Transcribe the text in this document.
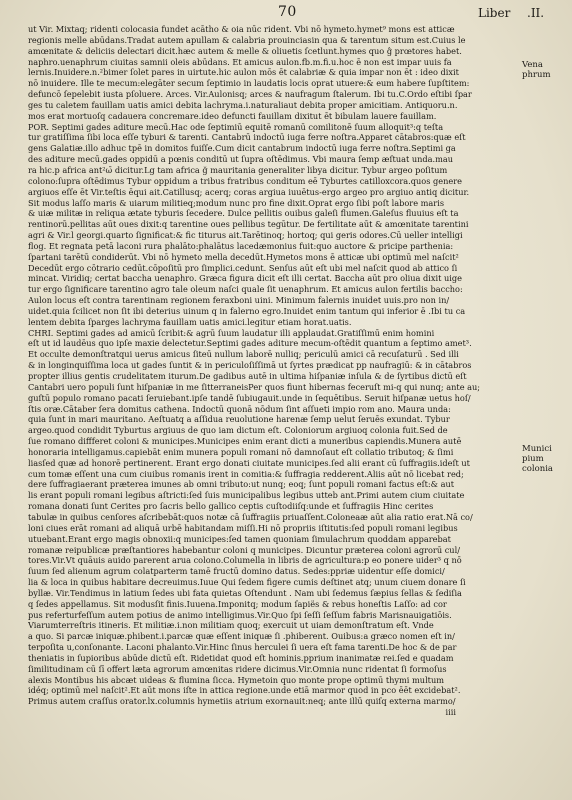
70	Liber .II.
ut Vir. Mixtaq; ridenti colocasia fundet acātho & oia nūc rident. Vbi nō hymeto.hymet⁹ mons est atticæ
regionis melle abūdans.Tradat autem apullam & calabria prouinciasin qua & tarentum situm est.Cuius le
amœnitate & deliciis delectari dicit.hæc autem & melle & oliuetis ſcetlunt.hymes quo ĝ prœtores habet.
naphro.uenaphrum ciuitas samnii oleis abūdans. Et amicus aulon.fb.m.fi.u.hoc ē non est impar uuis fa
lernis.Inuidere.n.²bimer ſolet pares in uirtute.hic aulon mōs ēt calabriæ & quia impar non ēt : ideo dixit
nō inuidere. Ille te mecum:elegāter secum ſeptimio in laudatis locis oprat utuere:& eum habere ſupſtitem:
defuncō ſepelebit iusta pſoluere. Arces. Vir.Aulonisq; arces & naufragum ſtalerum. Ibi tu.C.Ordo eſtibi ſpar
ges tu caletem fauillam uatis amici debita lachryma.i.naturaliaut debita proper amicitiam. Antiquoru.n.
mos erat mortuoſq cadauera concremare.ideo defuncti fauillam dixitut ēt bibulam lauere fauillam.
POR. Septimi gades aditure mecū.Hac ode ſeptimiū equitē romanū comilitonē ſuum alloquit³:q teſta
tur gratiſſima ſibi loca eſſe tyburi & tarenti. Cantabrū indoctū iuga ferre noſtra.Apparet cātabros:quæ eſt
gens Galatiæ.illo adhuc tpē in domitos fuiſſe.Cum dicit cantabrum indoctū iuga ferre noſtra.Septimi ga
des aditure mecū.gades oppidū a pœnis conditū ut ſupra oſtēdimus. Vbi maura ſemp æſtuat unda.mau
ra hic.p africa ant²ω̄ dicitur.Lg tam africa ğ mauritania generaliter libya dicitur. Tybur argeo poſitum
colono:ſupra oſtēdimus Tybur oppidum a tribus fratribus conditum eē Tyburtes catilloxcora.quos genere
argiuos eſſe ēt Vir.teſtis ēqui ait.Catillusq; acerq; coras argiua iuuētus-ergo argeo pro argiuo antiq dicitur.
Sit modus laſſo maris & uiarum militieq;modum nunc pro fine dixit.Oprat ergo ſibi poſt labore maris
& uiæ militæ in reliqua ætate tyburis ſecedere. Dulce pellitis ouibus galeſi flumen.Galeſus fluuius eſt ta
rentinorū.pellitas aūt oues dixit:q tarentine oues pellibus tegūtur. De fertilitate aūt & amœnitate tarentini
agri & Vir.l georgi.quarto ſignificat:& fic titurus ait.Tarētinoq; hortoq; qui geris odores.Cū ueller intelligi
flog. Et regnata petā laconi rura phalāto:phalātus lacedæmonius fuit:quo auctore & pricipe parthenia:
ſpartani tarētū condiderūt. Vbi nō hymeto mella decedūt.Hymetos mons ē atticæ ubi optimū mel naſcit²
Decedūt ergo cōtrario cedūt.cōpoſitū pro ſimplici.cedunt. Senſus aūt eſt ubi mel naſcit quod ab attico ſi
mincat. Viridiq; certat baccha uenaphro. Græca figura dicit eſt illi certat. Baccha aūt pro oliua dixit uige
tur ergo ſignificare tarentino agro tale oleum naſci quale ſit uenaphrum. Et amicus aulon fertilis baccho:
Aulon locus eſt contra tarentinam regionem feraxboni uini. Minimum falernis inuidet uuis.pro non in/
uidet.quia ſcilicet non ſit ibi deterius uinum q in falerno egro.Inuidet enim tantum qui inferior ē .Ibi tu ca
lentem debita ſparges lachryma fauillam uatis amici.legitur etiam horat.uatis.
CHRI. Septimi gades ad amicū ſcribit:& agrū ſuum laudatur illi applaudat.Gratiſſimū enim homini
eſt ut id laudēus quo ipſe maxie delectetur.Septimi gades aditure mecum-oſtēdit quantum a ſeptimo amet³.
Et occulte demonſtratqui uerus amicus ſiteū nullum laborē nulliq; periculū amici cā recuſaturū . Sed illi
& in longinquiſſima loca ut gades ſuntit & in periculoſiſſimā ut ſyrtes prædicat pp naufragiū: & in cātabros
propter illius gentis crudelitatem iturum.De gadibus autē in ultima hiſpaniæ inſula & de ſyrtibus dictū eſt
Cantabri uero populi ſunt hiſpaniæ in me ſitterraneisPer quos fiunt hibernas feceruſt mi-q qui nunq; ante au;
guſtū populo romano pacati ſeruiebant.ipſe tandē ſubiugauit.unde in ſequētibus. Seruit hiſpanæ uetus hoſ/
ſtis oræ.Cātaber ſera domitus cathena. Indoctū quonā nōdum ſint aſſueti impio rom ano. Maura unda:
quia ſunt in mari mauritano. Aeſtuatq a aſſidua reuolutione harenæ ſemp uelut ſeruēs exundat. Tybur
argeo.quod condidit Tyburtus argiuus de quo iam dictum eſt. Coloniorum argiuoq colonia fuit.Sed de
ſue romano diffferet coloni & municipes.Municipes enim erant dicti a muneribus capiendis.Munera autē
honoraria intelligamus.capiebāt enim munera populi romani nō damnoſaut eſt collatio tributoq; & ſimi
liasſed quæ ad honorē pertinerent. Erant ergo donati ciuitate municipes.ſed alii erant cū ſuffragiis.ideſt ut
cum tomæ eſſent una cum ciuibus romanis irent in comitia:& ſuffragia redderent.Aliis aūt nō licebat red;
dere ſuffragiaerant præterea imunes ab omni tributo:ut nunq; eoq; ſunt populi romani factus eſt:& aut
lis erant populi romani legibus aſtricti:ſed ſuis municipalibus legibus utteb ant.Primi autem cium ciuitate
romana donati ſunt Cerites pro ſacris bello gallico ceptis cuſtodiiſq:unde et ſuffragiis Hinc cerites
tabulæ in quibus cenſores aſcribebāt:quos notæ cā ſuffragiis priuaſſent.Coloneaæ aūt alia ratio erat.Nā co/
loni ciues erāt romani ad aliquā urbē habitandam miſſi.Hi nō propriis iſtitutis:ſed populi romani legibus
utuebant.Erant ergo magis obnoxii:q municipes:ſed tamen quoniam ſimulachrum quoddam apparebat
romanæ reipublicæ præſtantiores habebantur coloni q municipes. Dicuntur præterea coloni agrorū cul/
tores.Vir.Vt quāuis auido parerent arua colono.Columella in libris de agricultura:p eo ponere uider³ q nō
ſuum ſed alienum agrum colatparterm tamē fructū domino datus. Sedes:ppriæ uidentur eſſe domici/
lia & loca in quibus habitare decreuimus.Iuue Qui ſedem figere cumis deſtinet atq; unum ciuem donare ſi
byllæ. Vir.Tendimus in latium ſedes ubi fata quietas Oſtendunt . Nam ubi ſedemus ſæpius ſellas & ſediſia
q ſedes appellamus. Sit modusſit finis.Iuuena.Imponitq; modum ſapiës & rebus honeſtis Laſſo: ad cor
pus referturfeſſum autem potius de animo intelligimus.Vir.Quo ſpi ſeſſi ſeſſum fabris Marisnauigatiōis.
Viarumterreſtris itineris. Et militiæ.i.non militiam quoq; exercuit ut uiam demonſtratum eſt. Vnde
a quo. Si parcæ iniquæ.phibent.i.parcæ quæ eſſent iniquæ ſi .phiberent. Ouibus:a græco nomen eſt in/
terpoſita u,conſonante. Laconi phalanto.Vir.Hinc ſinus herculei ſi uera eſt fama tarenti.De hoc & de par
theniatis in ſupioribus abūde dictū eſt. Ridetidat quod eſt hominis.pprium inanimatæ rei.ſed e quadam
ſimilitudinam cū ſī offert læta agrorum amœnitas ridere dicimus.Vir.Omnia nunc ridentat ſi formoſus
alexis Montibus his abcæt uideas & flumina ſicca. Hymetoin quo monte prope optimū thymi multum
idéq; optimū mel naſcit².Et aūt mons iſte in attica regione.unde etiā marmor quod in pco ēēt excidebat².
Primus autem craſſus orator.lx.columnis hymetiis atrium exornauit:neq; ante illū quiſq externa marmo/
iiii
Vena phrum
Munici pium colonia
